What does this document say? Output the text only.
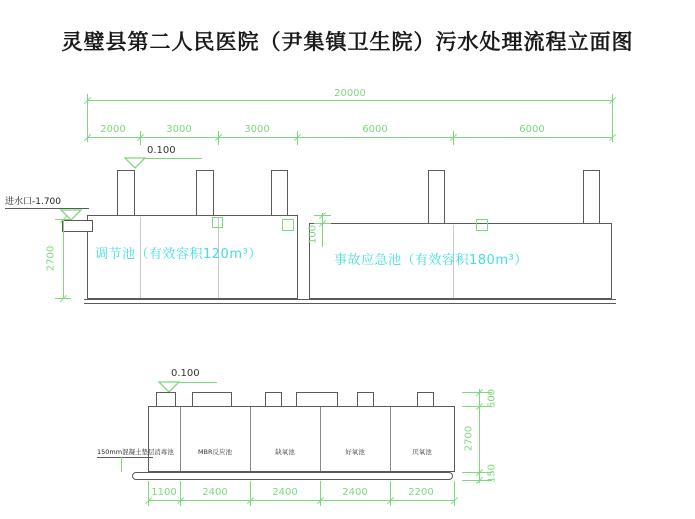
灵璧县第二人民医院（尹集镇卫生院）污水处理流程立面图
20000
2000	3000	3000	6000	6000
0.100
进水口-1.700
2700
100
调节池（有效容积120m³）	事故应急池（有效容积180m³）
0.100
消毒池	MBR反应池	缺氧池	好氧池	厌氧池
150mm混凝土垫层
1100	2400	2400	2400	2200
500
2700
150
